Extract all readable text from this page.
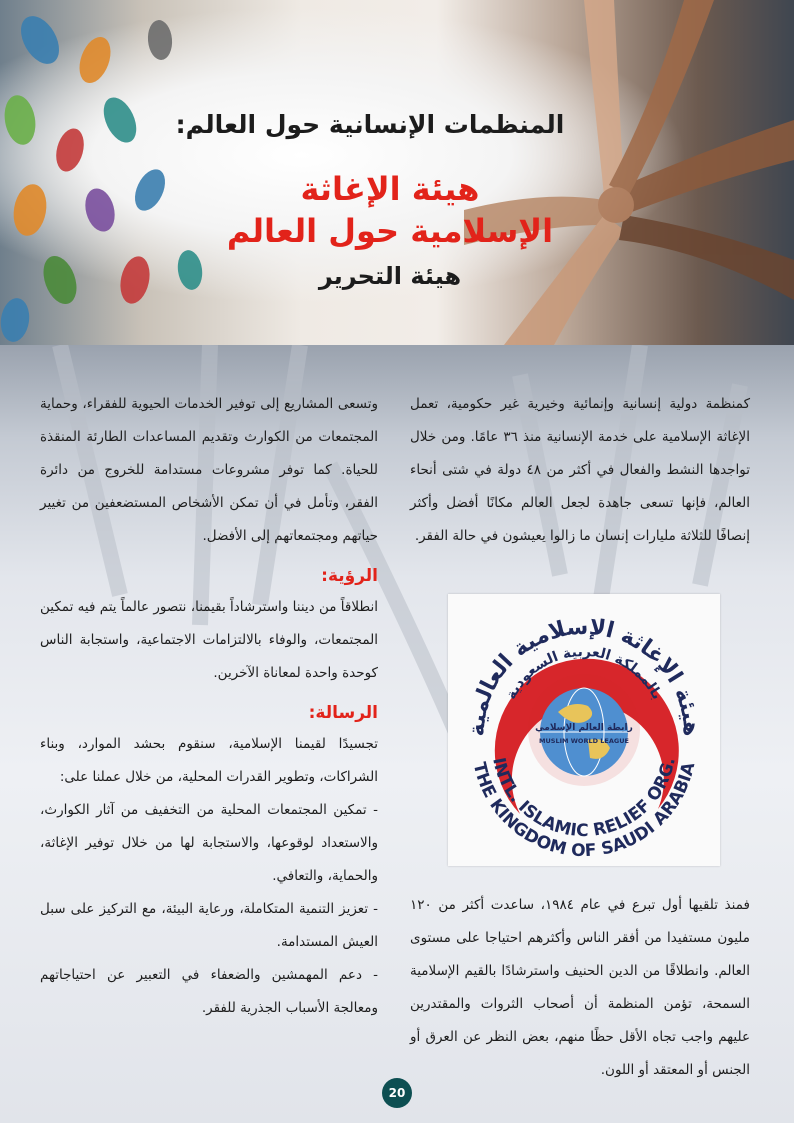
المنظمات الإنسانية حول العالم:
هيئة الإغاثة
الإسلامية حول العالم
هيئة التحرير

كمنظمة دولية إنسانية وإنمائية وخيرية غير حكومية، تعمل الإغاثة الإسلامية على خدمة الإنسانية منذ ٣٦ عامًا. ومن خلال تواجدها النشط والفعال في أكثر من ٤٨ دولة في شتى أنحاء العالم، فإنها تسعى جاهدة لجعل العالم مكانًا أفضل وأكثر إنصافًا للثلاثة مليارات إنسان ما زالوا يعيشون في حالة الفقر.

رابطة العالم الإسلامي
MUSLIM WORLD LEAGUE
هيئة الإغاثة الإسلامية العالمية
بالمملكة العربية السعودية
INTL. ISLAMIC RELIEF ORG.
THE KINGDOM OF SAUDI ARABIA

فمنذ تلقيها أول تبرع في عام ١٩٨٤، ساعدت أكثر من ١٢٠ مليون مستفيدا من أفقر الناس وأكثرهم احتياجا على مستوى العالم. وانطلاقًا من الدين الحنيف واسترشادًا بالقيم الإسلامية السمحة، تؤمن المنظمة أن أصحاب الثروات والمقتدرين عليهم واجب تجاه الأقل حظًا منهم، بعض النظر عن العرق أو الجنس أو المعتقد أو اللون.

وتسعى المشاريع إلى توفير الخدمات الحيوية للفقراء، وحماية المجتمعات من الكوارث وتقديم المساعدات الطارئة المنقذة للحياة. كما توفر مشروعات مستدامة للخروج من دائرة الفقر، وتأمل في أن تمكن الأشخاص المستضعفين من تغيير حياتهم ومجتمعاتهم إلى الأفضل.

الرؤية:

انطلاقاً من ديننا واسترشاداً بقيمنا، نتصور عالماً يتم فيه تمكين المجتمعات، والوفاء بالالتزامات الاجتماعية، واستجابة الناس كوحدة واحدة لمعاناة الآخرين.

الرسالة:

تجسيدًا لقيمنا الإسلامية، سنقوم بحشد الموارد، وبناء الشراكات، وتطوير القدرات المحلية، من خلال عملنا على:

- تمكين المجتمعات المحلية من التخفيف من آثار الكوارث، والاستعداد لوقوعها، والاستجابة لها من خلال توفير الإغاثة، والحماية، والتعافي.

- تعزيز التنمية المتكاملة، ورعاية البيئة، مع التركيز على سبل العيش المستدامة.

- دعم المهمشين والضعفاء في التعبير عن احتياجاتهم ومعالجة الأسباب الجذرية للفقر.

20
